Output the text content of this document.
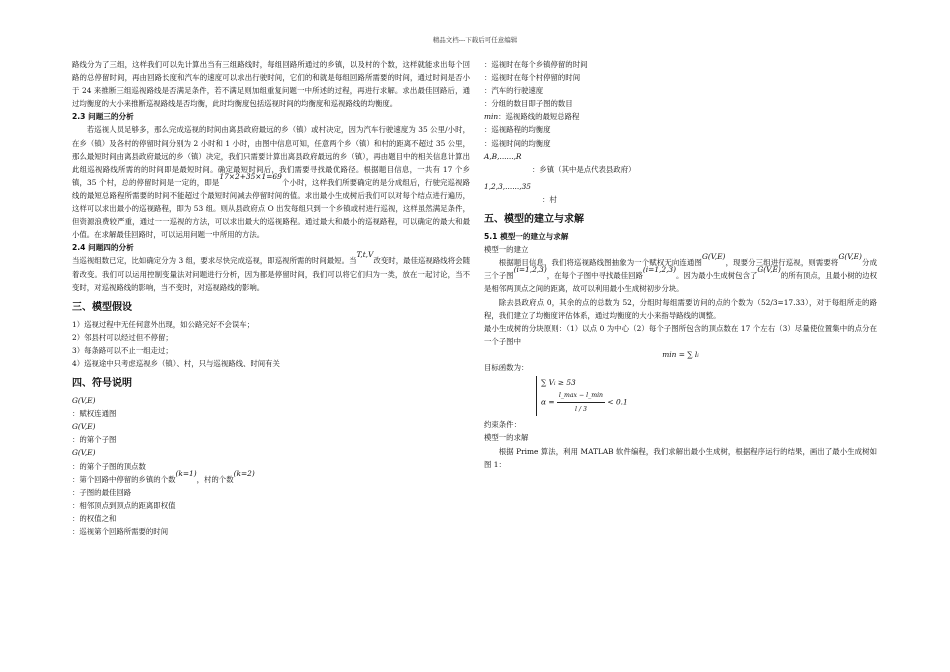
精品文档---下载后可任意编辑

路线分为了三组，这样我们可以先计算出当有三组路线时，每组回路所通过的乡镇，以及村的个数，这样就能求出每个回路的总停留时间，再由回路长度和汽车的速度可以求出行驶时间，它们的和就是每组回路所需要的时间，通过时间是否小于 24 来推断三组巡视路线是否满足条件，若不满足则加组重复问题一中所述的过程，再进行求解。求出最佳回路后，通过均衡度的大小来推断巡视路线是否均衡，此时均衡度包括巡视时间的均衡度和巡视路线的均衡度。

2.3 问题三的分析

若巡视人员足够多，那么完成巡视的时间由离县政府最远的乡（镇）或村决定，因为汽车行驶速度为 35 公里/小时，在乡（镇）及各村的停留时间分别为 2 小时和 1 小时，由图中信息可知，任意两个乡（镇）和村的距离不超过 35 公里，那么最短时间由离县政府最远的乡（镇）决定，我们只需要计算出离县政府最远的乡（镇），再由题目中的相关信息计算出此组巡视路线所需的的时间即是最短时间。确定最短时间后，我们需要寻找最优路径。根据题目信息，一共有 17 个乡镇，35 个村，总的停留时间是一定的，即是17×2+35×1=69个小时，这样我们所要确定的是分成组后，行驶完巡视路线的最短总路程所需要的时间不能超过个最短时间减去停留时间的值。求出最小生成树后我们可以对每个结点进行遍历，这样可以求出最小的巡视路程，即为 53 组。则从县政府点 O 出发每组只到一个乡镇或村进行巡视，这样虽然满足条件，但资源浪费较严重，通过一一巡视的方法，可以求出最大的巡视路程。通过最大和最小的巡视路程，可以确定的最大和最小值。在求解最佳回路时，可以运用问题一中所用的方法。

2.4 问题四的分析

当巡视组数已定，比如确定分为 3 组，要求尽快完成巡视，即巡视所需的时间最短。当T,t,V改变时，最佳巡视路线将会随着改变。我们可以运用控制变量法对问题进行分析，因为都是停留时间，我们可以将它们归为一类，放在一起讨论，当不变时，对巡视路线的影响，当不变时，对巡视路线的影响。

三、模型假设

1）巡视过程中无任何意外出现，如公路完好不会误车；

2）邻县村可以经过但不停留；

3）每条路可以不止一组走过；

4）巡视途中只考虑巡视乡（镇）、村，只与巡视路线、时间有关

四、符号说明
G(V,E)
：赋权连通图
G(V,E)
：的第个子图
G(V,E)
：的第个子图的顶点数
：第个回路中停留的乡镇的个数(k=1)，村的个数(k=2)
：子图的最佳回路
：相邻顶点到顶点的距离即权值
：的权值之和
：巡视第个回路所需要的时间
：巡视时在每个乡镇停留的时间
：巡视时在每个村停留的时间
：汽车的行驶速度
：分组的数目即子图的数目
min：巡视路线的最短总路程
：巡视路程的均衡度
：巡视时间的均衡度
A,B,......,R
：乡镇（其中是点代表县政府）
1,2,3,......,35
：村
五、模型的建立与求解
5.1 模型一的建立与求解

模型一的建立

根据题目信息，我们将巡视路线图抽象为一个赋权无向连通图G(V,E)，现要分三组进行巡视，则需要将G(V,E)分成三个子图(i=1,2,3)，在每个子图中寻找最佳回路(i=1,2,3)。因为最小生成树包含了G(V,E)的所有顶点，且最小树的边权是相邻两顶点之间的距离，故可以利用最小生成树初步分块。

除去县政府点 0，其余的点的总数为 52，分组时每组需要访问的点的个数为（52/3=17.33），对于每组所走的路程，我们建立了均衡度评估体系，通过均衡度的大小来指导路线的调整。

最小生成树的分块原则：（1）以点 0 为中心（2）每个子图所包含的顶点数在 17 个左右（3）尽量使位置集中的点分在一个子图中

min = ∑ lᵢ

目标函数为：

∑ Vᵢ ≥ 53
$\alpha = \frac{l\_\max - l\_\min}{l / 3} < 0.1$

约束条件：

模型一的求解

根据 Prime 算法，利用 MATLAB 软件编程，我们求解出最小生成树，根据程序运行的结果，画出了最小生成树如图 1：
